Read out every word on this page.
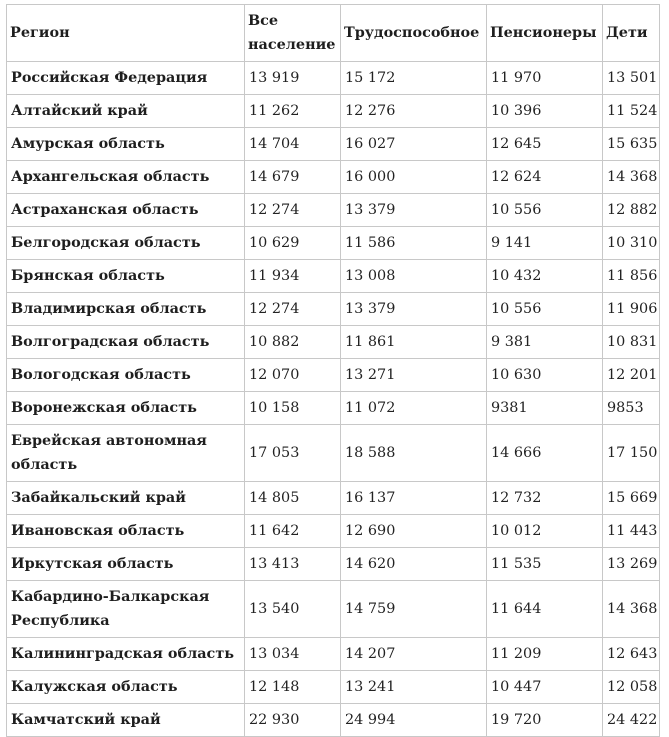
Регион	Все население	Трудоспособное	Пенсионеры	Дети
Российская Федерация	13 919	15 172	11 970	13 501
Алтайский край	11 262	12 276	10 396	11 524
Амурская область	14 704	16 027	12 645	15 635
Архангельская область	14 679	16 000	12 624	14 368
Астраханская область	12 274	13 379	10 556	12 882
Белгородская область	10 629	11 586	9 141	10 310
Брянская область	11 934	13 008	10 432	11 856
Владимирская область	12 274	13 379	10 556	11 906
Волгоградская область	10 882	11 861	9 381	10 831
Вологодская область	12 070	13 271	10 630	12 201
Воронежская область	10 158	11 072	9381	9853
Еврейская автономная область	17 053	18 588	14 666	17 150
Забайкальский край	14 805	16 137	12 732	15 669
Ивановская область	11 642	12 690	10 012	11 443
Иркутская область	13 413	14 620	11 535	13 269
Кабардино-Балкарская Республика	13 540	14 759	11 644	14 368
Калининградская область	13 034	14 207	11 209	12 643
Калужская область	12 148	13 241	10 447	12 058
Камчатский край	22 930	24 994	19 720	24 422
